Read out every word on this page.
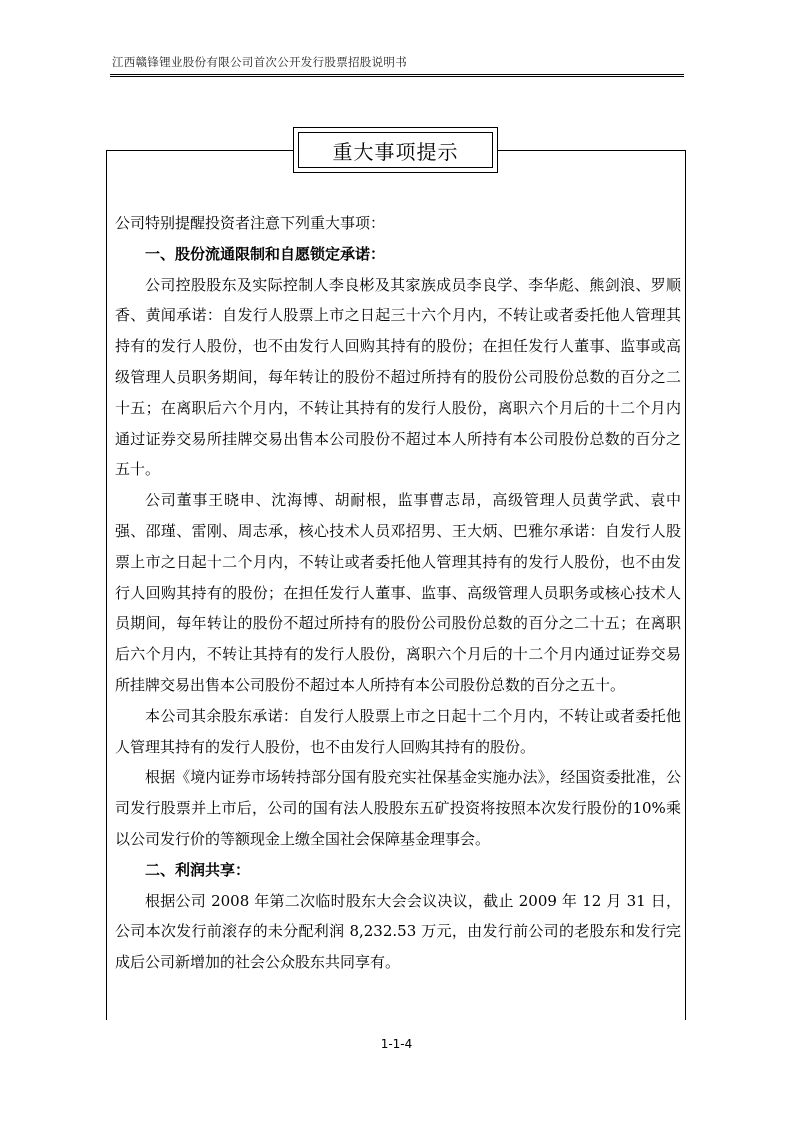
江西赣锋锂业股份有限公司首次公开发行股票招股说明书
重大事项提示

公司特别提醒投资者注意下列重大事项：

一、股份流通限制和自愿锁定承诺：

公司控股股东及实际控制人李良彬及其家族成员李良学、李华彪、熊剑浪、罗顺香、黄闻承诺：自发行人股票上市之日起三十六个月内，不转让或者委托他人管理其持有的发行人股份，也不由发行人回购其持有的股份；在担任发行人董事、监事或高级管理人员职务期间，每年转让的股份不超过所持有的股份公司股份总数的百分之二十五；在离职后六个月内，不转让其持有的发行人股份，离职六个月后的十二个月内通过证券交易所挂牌交易出售本公司股份不超过本人所持有本公司股份总数的百分之五十。

公司董事王晓申、沈海博、胡耐根，监事曹志昂，高级管理人员黄学武、袁中强、邵瑾、雷刚、周志承，核心技术人员邓招男、王大炳、巴雅尔承诺：自发行人股票上市之日起十二个月内，不转让或者委托他人管理其持有的发行人股份，也不由发行人回购其持有的股份；在担任发行人董事、监事、高级管理人员职务或核心技术人员期间，每年转让的股份不超过所持有的股份公司股份总数的百分之二十五；在离职后六个月内，不转让其持有的发行人股份，离职六个月后的十二个月内通过证券交易所挂牌交易出售本公司股份不超过本人所持有本公司股份总数的百分之五十。

本公司其余股东承诺：自发行人股票上市之日起十二个月内，不转让或者委托他人管理其持有的发行人股份，也不由发行人回购其持有的股份。

根据《境内证券市场转持部分国有股充实社保基金实施办法》，经国资委批准，公司发行股票并上市后，公司的国有法人股股东五矿投资将按照本次发行股份的10%乘以公司发行价的等额现金上缴全国社会保障基金理事会。

二、利润共享：

根据公司 2008 年第二次临时股东大会会议决议，截止 2009 年 12 月 31 日，公司本次发行前滚存的未分配利润 8,232.53 万元，由发行前公司的老股东和发行完成后公司新增加的社会公众股东共同享有。

1-1-4
